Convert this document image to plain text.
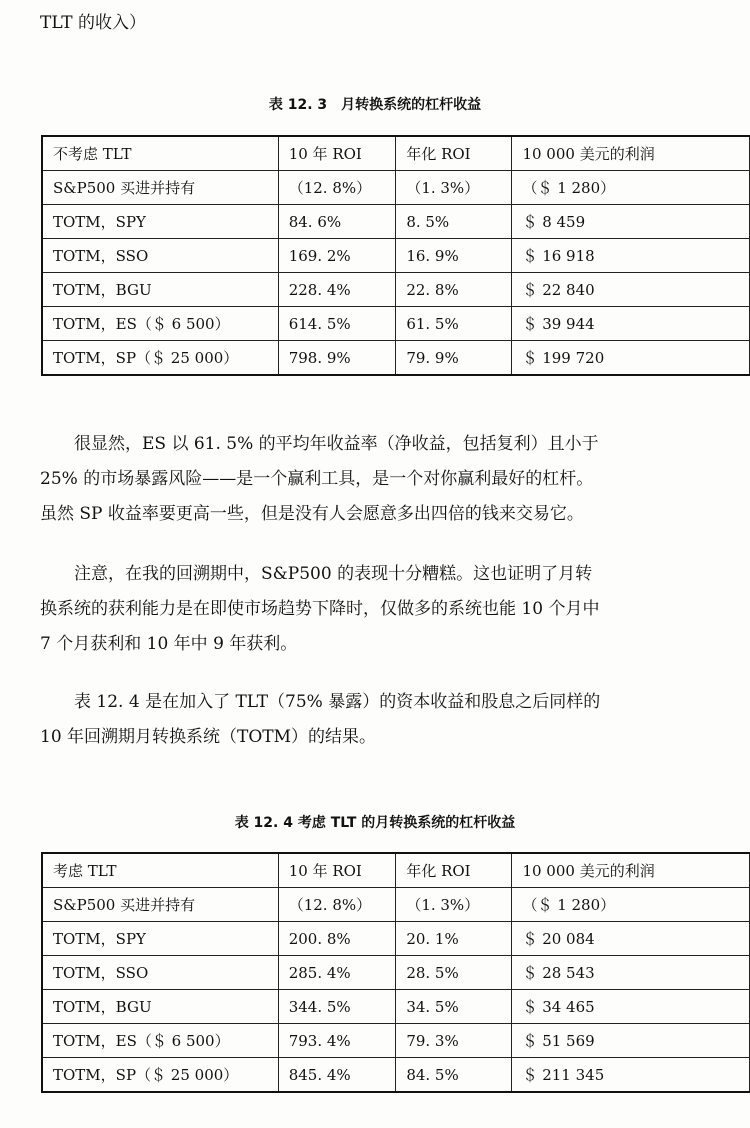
TLT 的收入）
表 12. 3　月转换系统的杠杆收益
不考虑 TLT	10 年 ROI	年化 ROI	10 000 美元的利润
S&P500 买进并持有	（12. 8%）	（1. 3%）	（＄ 1 280）
TOTM，SPY	84. 6%	8. 5%	＄ 8 459
TOTM，SSO	169. 2%	16. 9%	＄ 16 918
TOTM，BGU	228. 4%	22. 8%	＄ 22 840
TOTM，ES（＄ 6 500）	614. 5%	61. 5%	＄ 39 944
TOTM，SP（＄ 25 000）	798. 9%	79. 9%	＄ 199 720

很显然，ES 以 61. 5% 的平均年收益率（净收益，包括复利）且小于
25% 的市场暴露风险——是一个赢利工具，是一个对你赢利最好的杠杆。
虽然 SP 收益率要更高一些，但是没有人会愿意多出四倍的钱来交易它。

注意，在我的回溯期中，S&P500 的表现十分糟糕。这也证明了月转
换系统的获利能力是在即使市场趋势下降时，仅做多的系统也能 10 个月中
7 个月获利和 10 年中 9 年获利。

表 12. 4 是在加入了 TLT（75% 暴露）的资本收益和股息之后同样的
10 年回溯期月转换系统（TOTM）的结果。

表 12. 4 考虑 TLT 的月转换系统的杠杆收益
考虑 TLT	10 年 ROI	年化 ROI	10 000 美元的利润
S&P500 买进并持有	（12. 8%）	（1. 3%）	（＄ 1 280）
TOTM，SPY	200. 8%	20. 1%	＄ 20 084
TOTM，SSO	285. 4%	28. 5%	＄ 28 543
TOTM，BGU	344. 5%	34. 5%	＄ 34 465
TOTM，ES（＄ 6 500）	793. 4%	79. 3%	＄ 51 569
TOTM，SP（＄ 25 000）	845. 4%	84. 5%	＄ 211 345
